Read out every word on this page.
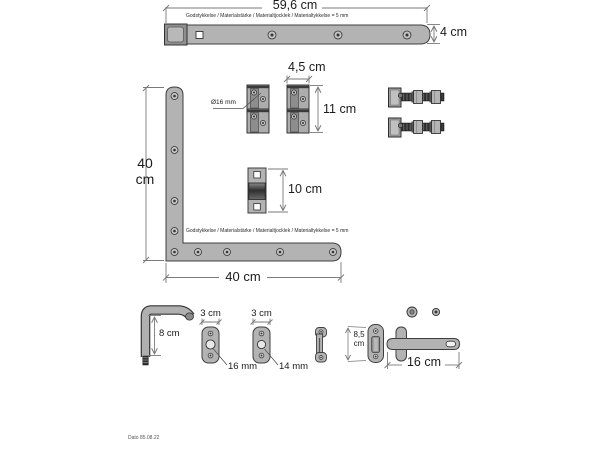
59,6 cm
Godstykkelse / Materialstärke / Materialtjocklek / Materialtykkelse = 5 mm
4 cm
40 cm
Godstykkelse / Materialstärke / Materialtjocklek / Materialtykkelse = 5 mm
40 cm
4,5 cm
11 cm
Ø16 mm
10 cm
8 cm
3 cm
16 mm
3 cm
14 mm
8,5 cm
16 cm
Dato 85.08.22
